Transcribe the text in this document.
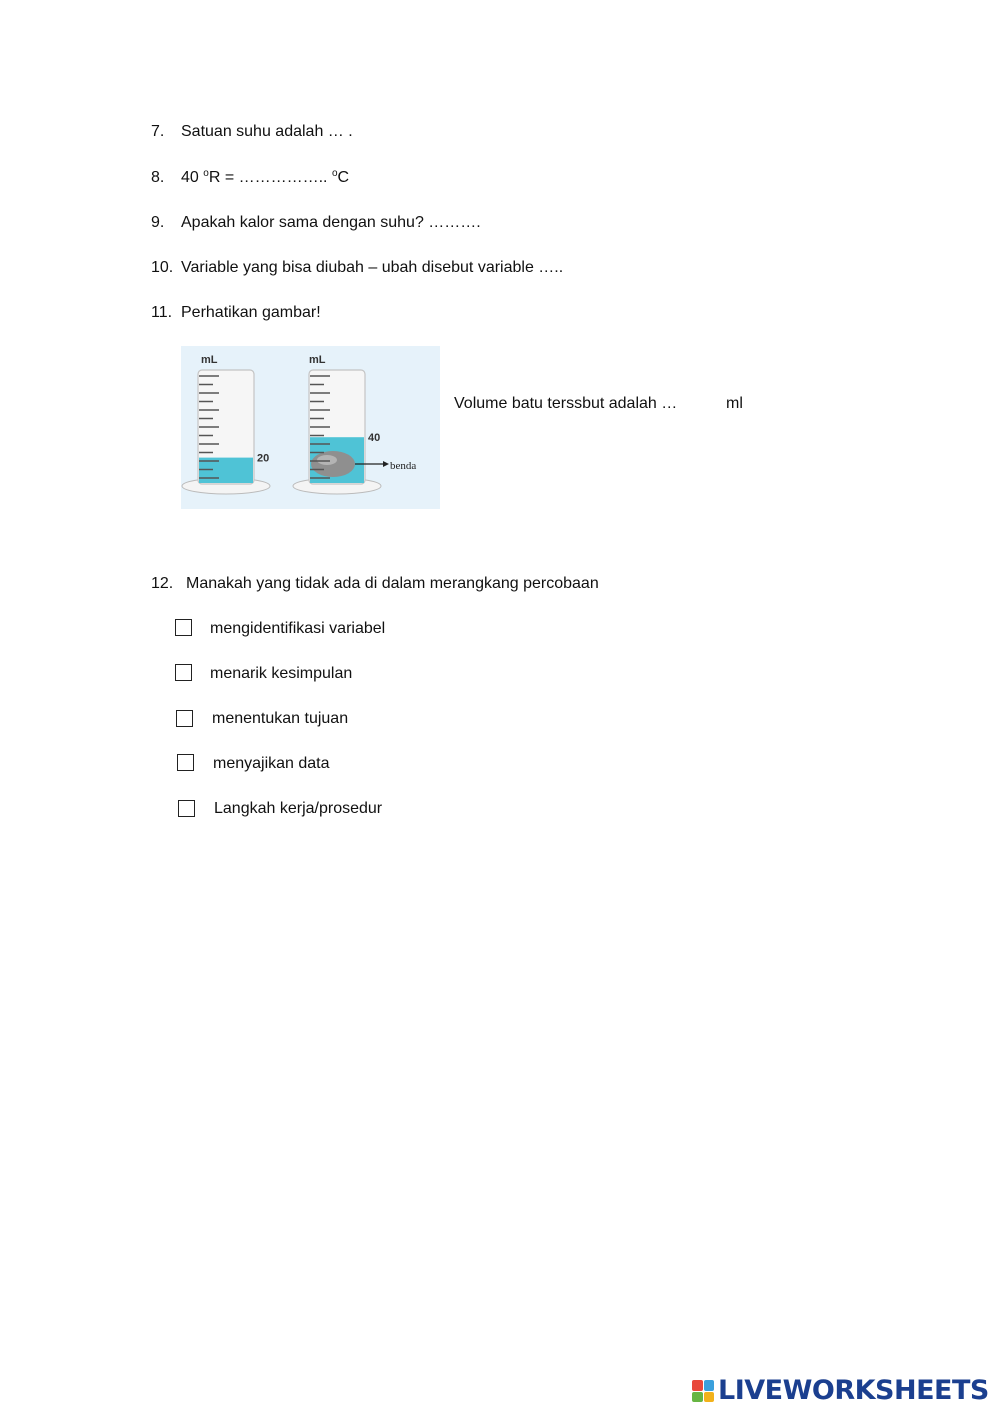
7. Satuan suhu adalah … .
8. 40 $^o$R = …………….. $^o$C
9. Apakah kalor sama dengan suhu? ……….
10. Variable yang bisa diubah – ubah disebut variable …..
11. Perhatikan gambar!
mL
20
mL
40
benda
Volume batu terssbut adalah …	ml
12. Manakah yang tidak ada di dalam merangkang percobaan
mengidentifikasi variabel
menarik kesimpulan
menentukan tujuan
menyajikan data
Langkah kerja/prosedur
LIVEWORKSHEETS
